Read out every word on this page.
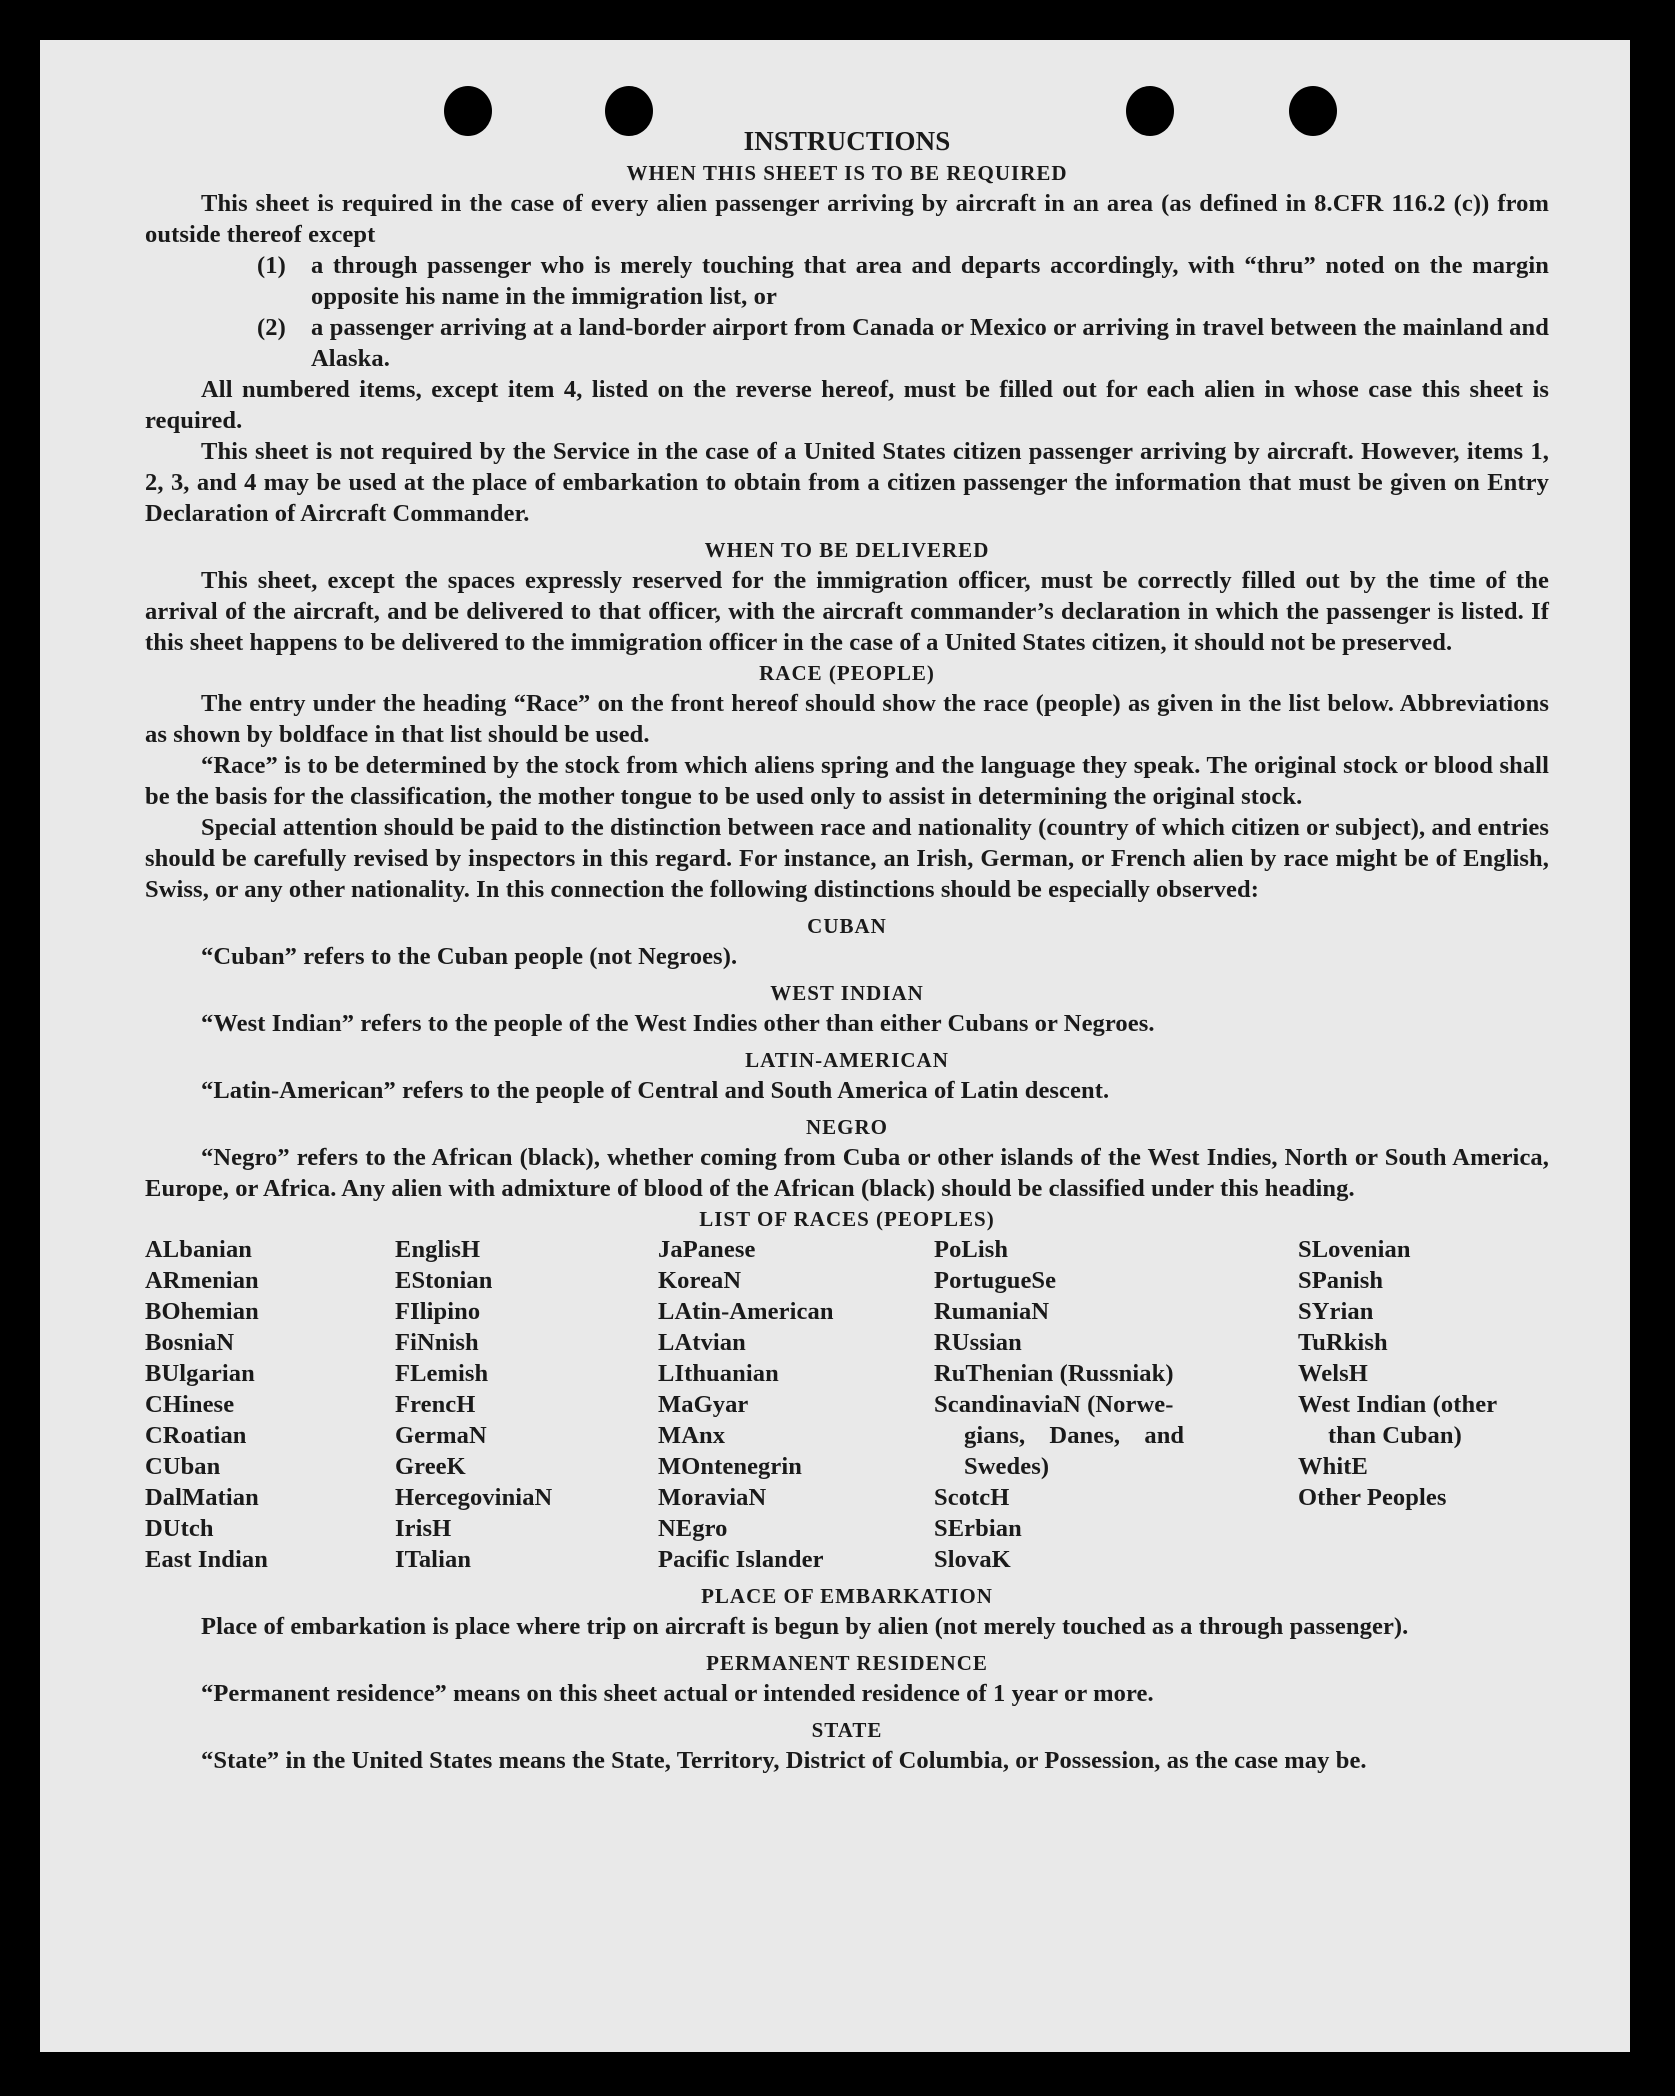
INSTRUCTIONS
WHEN THIS SHEET IS TO BE REQUIRED

This sheet is required in the case of every alien passenger arriving by aircraft in an area (as defined in 8.CFR 116.2 (c)) from outside thereof except

(1)	a through passenger who is merely touching that area and departs accordingly, with “thru” noted on the margin opposite his name in the immigration list, or
(2)	a passenger arriving at a land-border airport from Canada or Mexico or arriving in travel between the mainland and Alaska.

All numbered items, except item 4, listed on the reverse hereof, must be filled out for each alien in whose case this sheet is required.

This sheet is not required by the Service in the case of a United States citizen passenger arriving by aircraft. However, items 1, 2, 3, and 4 may be used at the place of embarkation to obtain from a citizen passenger the information that must be given on Entry Declaration of Aircraft Commander.

WHEN TO BE DELIVERED

This sheet, except the spaces expressly reserved for the immigration officer, must be correctly filled out by the time of the arrival of the aircraft, and be delivered to that officer, with the aircraft commander’s declaration in which the passenger is listed. If this sheet happens to be delivered to the immigration officer in the case of a United States citizen, it should not be preserved.

RACE (PEOPLE)

The entry under the heading “Race” on the front hereof should show the race (people) as given in the list below. Abbreviations as shown by boldface in that list should be used.

“Race” is to be determined by the stock from which aliens spring and the language they speak. The original stock or blood shall be the basis for the classification, the mother tongue to be used only to assist in determining the original stock.

Special attention should be paid to the distinction between race and nationality (country of which citizen or subject), and entries should be carefully revised by inspectors in this regard. For instance, an Irish, German, or French alien by race might be of English, Swiss, or any other nationality. In this connection the following distinctions should be especially observed:

CUBAN
“Cuban” refers to the Cuban people (not Negroes).
WEST INDIAN
“West Indian” refers to the people of the West Indies other than either Cubans or Negroes.
LATIN-AMERICAN
“Latin-American” refers to the people of Central and South America of Latin descent.
NEGRO

“Negro” refers to the African (black), whether coming from Cuba or other islands of the West Indies, North or South America, Europe, or Africa. Any alien with admixture of blood of the African (black) should be classified under this heading.

LIST OF RACES (PEOPLES)
ALbanian
ARmenian
BOhemian
BosniaN
BUlgarian
CHinese
CRoatian
CUban
DalMatian
DUtch
East Indian
EnglisH
EStonian
FIlipino
FiNnish
FLemish
FrencH
GermaN
GreeK
HercegoviniaN
IrisH
ITalian
JaPanese
KoreaN
LAtin-American
LAtvian
LIthuanian
MaGyar
MAnx
MOntenegrin
MoraviaN
NEgro
Pacific Islander
PoLish
PortugueSe
RumaniaN
RUssian
RuThenian (Russniak)
ScandinaviaN (Norwe-
gians, Danes, and
Swedes)
ScotcH
SErbian
SlovaK
SLovenian
SPanish
SYrian
TuRkish
WelsH
West Indian (other
than Cuban)
WhitE
Other Peoples
PLACE OF EMBARKATION

Place of embarkation is place where trip on aircraft is begun by alien (not merely touched as a through passenger).

PERMANENT RESIDENCE
“Permanent residence” means on this sheet actual or intended residence of 1 year or more.
STATE

“State” in the United States means the State, Territory, District of Columbia, or Possession, as the case may be.
